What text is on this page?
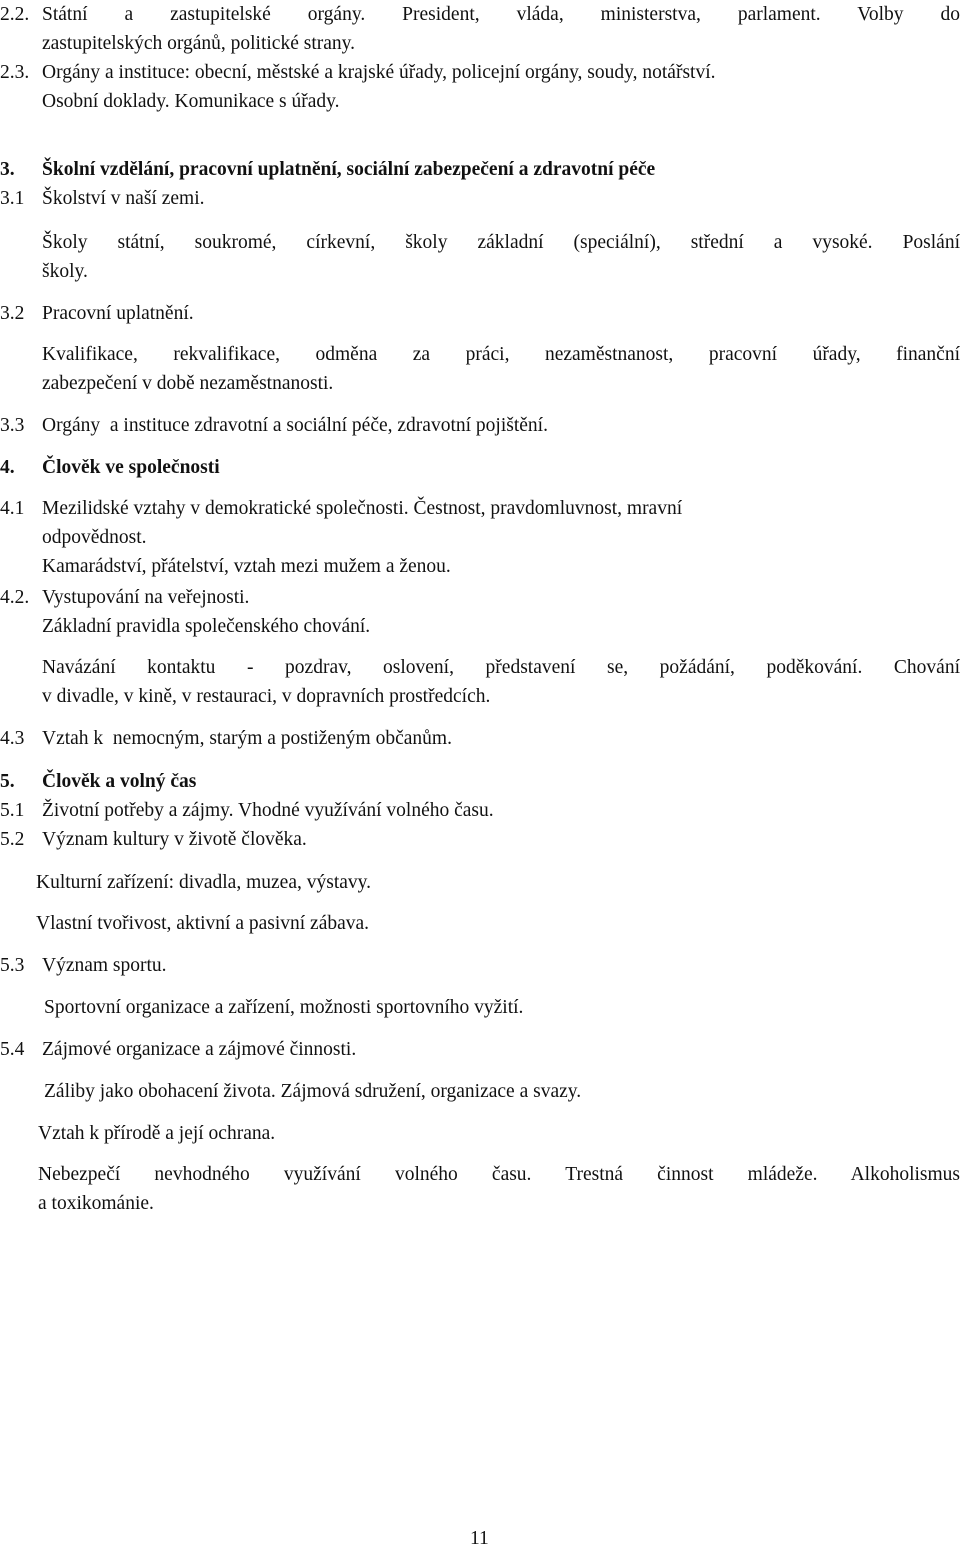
2.2. Státní a zastupitelské orgány. President, vláda, ministerstva, parlament. Volby do
zastupitelských orgánů, politické strany.
2.3. Orgány a instituce: obecní, městské a krajské úřady, policejní orgány, soudy, notářství.
Osobní doklady. Komunikace s úřady.
3. Školní vzdělání, pracovní uplatnění, sociální zabezpečení a zdravotní péče
3.1 Školství v naší zemi.
Školy státní, soukromé, církevní, školy základní (speciální), střední a vysoké. Poslání
školy.
3.2 Pracovní uplatnění.
Kvalifikace, rekvalifikace, odměna za práci, nezaměstnanost, pracovní úřady, finanční
zabezpečení v době nezaměstnanosti.
3.3 Orgány  a instituce zdravotní a sociální péče, zdravotní pojištění.
4. Člověk ve společnosti
4.1 Mezilidské vztahy v demokratické společnosti. Čestnost, pravdomluvnost, mravní
odpovědnost.
Kamarádství, přátelství, vztah mezi mužem a ženou.
4.2. Vystupování na veřejnosti.
Základní pravidla společenského chování.
Navázání kontaktu - pozdrav, oslovení, představení se, požádání, poděkování. Chování
v divadle, v kině, v restauraci, v dopravních prostředcích.
4.3 Vztah k  nemocným, starým a postiženým občanům.
5. Člověk a volný čas
5.1 Životní potřeby a zájmy. Vhodné využívání volného času.
5.2 Význam kultury v životě člověka.
Kulturní zařízení: divadla, muzea, výstavy.
Vlastní tvořivost, aktivní a pasivní zábava.
5.3 Význam sportu.
Sportovní organizace a zařízení, možnosti sportovního vyžití.
5.4 Zájmové organizace a zájmové činnosti.
Záliby jako obohacení života. Zájmová sdružení, organizace a svazy.
Vztah k přírodě a její ochrana.
Nebezpečí nevhodného využívání volného času. Trestná činnost mládeže. Alkoholismus
a toxikománie.
11
